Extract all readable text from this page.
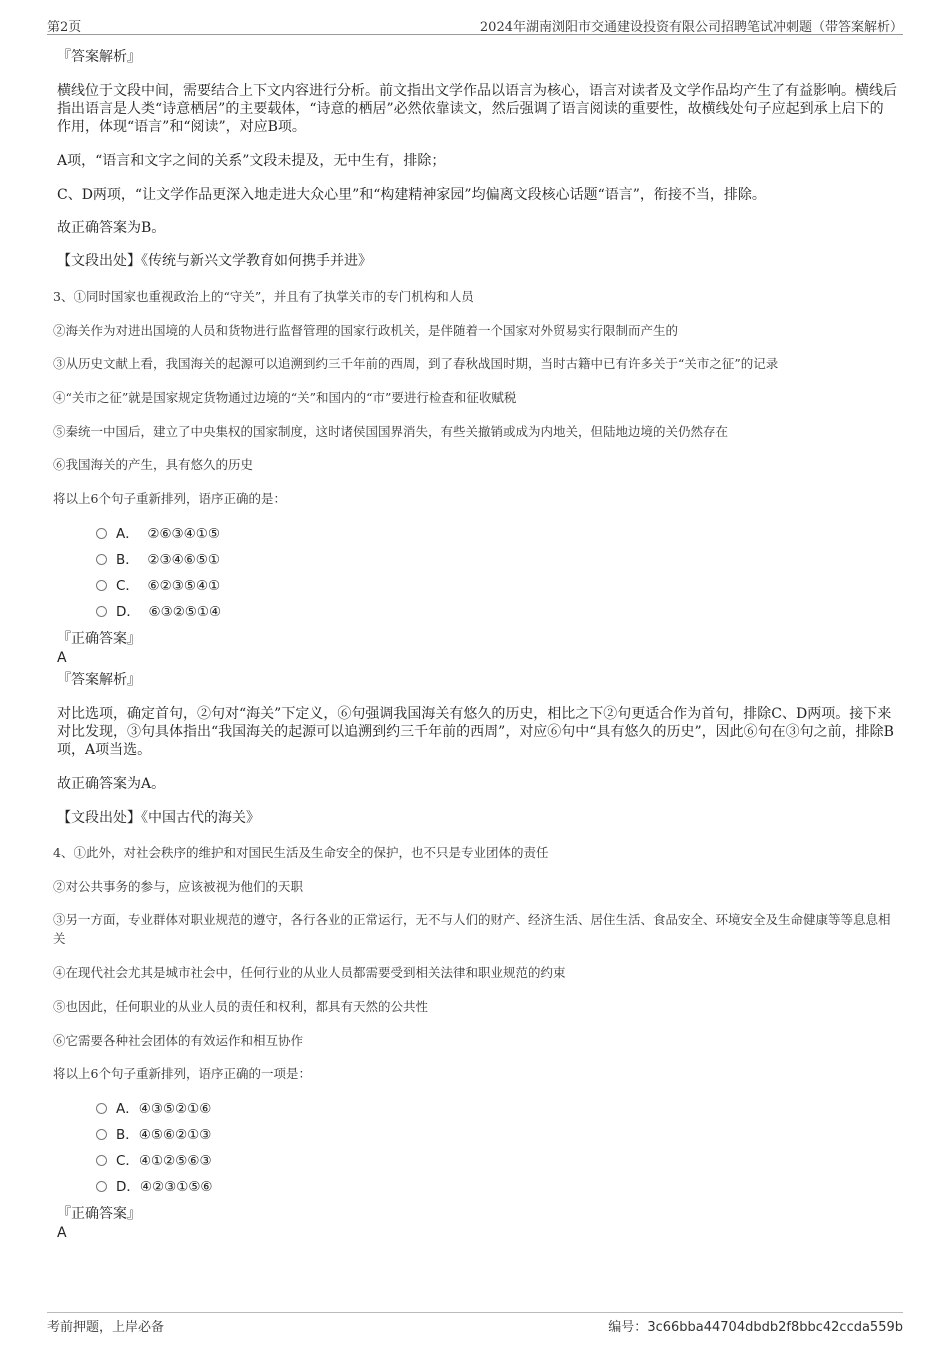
第2页	2024年湖南浏阳市交通建设投资有限公司招聘笔试冲刺题（带答案解析）
『答案解析』
横线位于文段中间，需要结合上下文内容进行分析。前文指出文学作品以语言为核心，语言对读者及文学作品均产生了有益影响。横线后指出语言是人类“诗意栖居”的主要载体，“诗意的栖居”必然依靠读文，然后强调了语言阅读的重要性，故横线处句子应起到承上启下的作用，体现“语言”和“阅读”，对应B项。
A项，“语言和文字之间的关系”文段未提及，无中生有，排除；
C、D两项，“让文学作品更深入地走进大众心里”和“构建精神家园”均偏离文段核心话题“语言”，衔接不当，排除。
故正确答案为B。
【文段出处】《传统与新兴文学教育如何携手并进》
3、①同时国家也重视政治上的“守关”，并且有了执掌关市的专门机构和人员
②海关作为对进出国境的人员和货物进行监督管理的国家行政机关，是伴随着一个国家对外贸易实行限制而产生的
③从历史文献上看，我国海关的起源可以追溯到约三千年前的西周，到了春秋战国时期，当时古籍中已有许多关于“关市之征”的记录
④“关市之征”就是国家规定货物通过边境的“关”和国内的“市”要进行检查和征收赋税
⑤秦统一中国后，建立了中央集权的国家制度，这时诸侯国国界消失，有些关撤销或成为内地关，但陆地边境的关仍然存在
⑥我国海关的产生，具有悠久的历史
将以上6个句子重新排列，语序正确的是：
A． ②⑥③④①⑤
B． ②③④⑥⑤①
C． ⑥②③⑤④①
D． ⑥③②⑤①④
『正确答案』
A
『答案解析』
对比选项，确定首句，②句对“海关”下定义，⑥句强调我国海关有悠久的历史，相比之下②句更适合作为首句，排除C、D两项。接下来对比发现，③句具体指出“我国海关的起源可以追溯到约三千年前的西周”，对应⑥句中“具有悠久的历史”，因此⑥句在③句之前，排除B项，A项当选。
故正确答案为A。
【文段出处】《中国古代的海关》
4、①此外，对社会秩序的维护和对国民生活及生命安全的保护，也不只是专业团体的责任
②对公共事务的参与，应该被视为他们的天职
③另一方面，专业群体对职业规范的遵守，各行各业的正常运行，无不与人们的财产、经济生活、居住生活、食品安全、环境安全及生命健康等等息息相关
④在现代社会尤其是城市社会中，任何行业的从业人员都需要受到相关法律和职业规范的约束
⑤也因此，任何职业的从业人员的责任和权利，都具有天然的公共性
⑥它需要各种社会团体的有效运作和相互协作
将以上6个句子重新排列，语序正确的一项是：
A．④③⑤②①⑥
B．④⑤⑥②①③
C．④①②⑤⑥③
D．④②③①⑤⑥
『正确答案』
A
考前押题，上岸必备	编号：3c66bba44704dbdb2f8bbc42ccda559b
